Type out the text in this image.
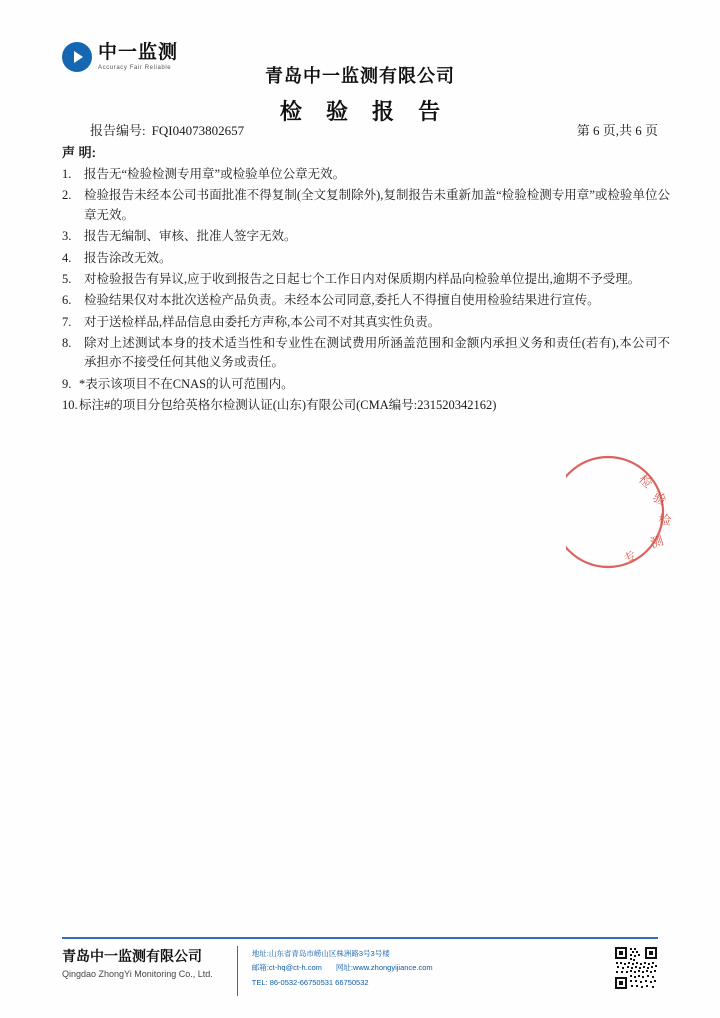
中一监测
Accuracy Fair Reliable	青岛中一监测有限公司
检 验 报 告
报告编号: FQI04073802657	第 6 页,共 6 页
声 明:
1.	报告无“检验检测专用章”或检验单位公章无效。
2.	检验报告未经本公司书面批准不得复制(全文复制除外),复制报告未重新加盖“检验检测专用章”或检验单位公章无效。
3.	报告无编制、审核、批准人签字无效。
4.	报告涂改无效。
5.	对检验报告有异议,应于收到报告之日起七个工作日内对保质期内样品向检验单位提出,逾期不予受理。
6.	检验结果仅对本批次送检产品负责。未经本公司同意,委托人不得擅自使用检验结果进行宣传。
7.	对于送检样品,样品信息由委托方声称,本公司不对其真实性负责。
8.	除对上述测试本身的技术适当性和专业性在测试费用所涵盖范围和金额内承担义务和责任(若有),本公司不承担亦不接受任何其他义务或责任。
9. *表示该项目不在CNAS的认可范围内。
10. 标注#的项目分包给英格尔检测认证(山东)有限公司(CMA编号:231520342162)
检
验
检
测
专
青岛中一监测有限公司
Qingdao ZhongYi Monitoring Co., Ltd.
地址:山东省青岛市崂山区株洲路3号3号楼
邮箱:ct-hq@ct-h.com 网址:www.zhongyijiance.com
TEL: 86-0532-66750531 66750532
